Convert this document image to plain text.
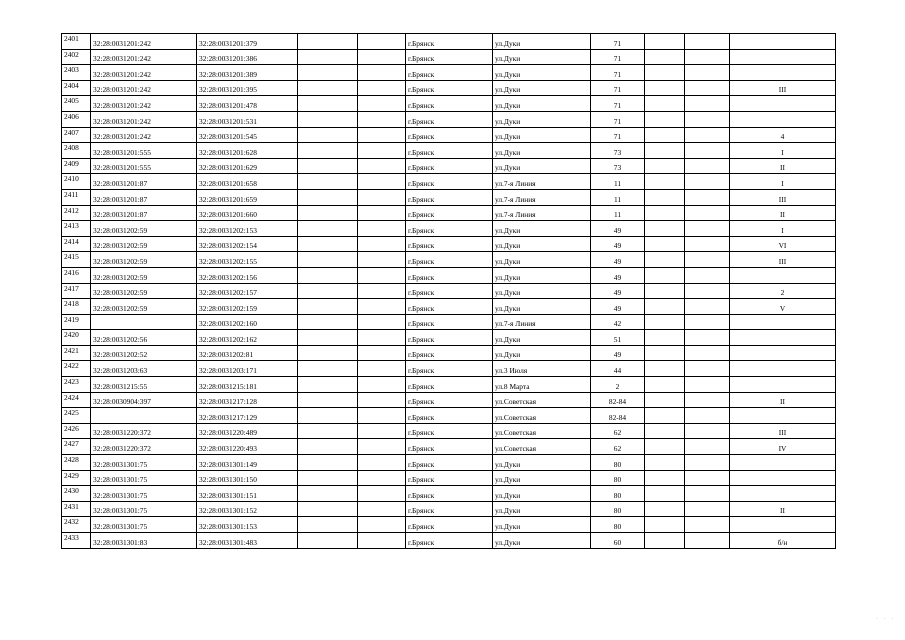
2401	32:28:0031201:242	32:28:0031201:379			г.Брянск	ул.Дуки	71			
2402	32:28:0031201:242	32:28:0031201:386			г.Брянск	ул.Дуки	71			
2403	32:28:0031201:242	32:28:0031201:389			г.Брянск	ул.Дуки	71			
2404	32:28:0031201:242	32:28:0031201:395			г.Брянск	ул.Дуки	71			III
2405	32:28:0031201:242	32:28:0031201:478			г.Брянск	ул.Дуки	71			
2406	32:28:0031201:242	32:28:0031201:531			г.Брянск	ул.Дуки	71			
2407	32:28:0031201:242	32:28:0031201:545			г.Брянск	ул.Дуки	71			4
2408	32:28:0031201:555	32:28:0031201:628			г.Брянск	ул.Дуки	73			I
2409	32:28:0031201:555	32:28:0031201:629			г.Брянск	ул.Дуки	73			II
2410	32:28:0031201:87	32:28:0031201:658			г.Брянск	ул.7-я Линия	11			I
2411	32:28:0031201:87	32:28:0031201:659			г.Брянск	ул.7-я Линия	11			III
2412	32:28:0031201:87	32:28:0031201:660			г.Брянск	ул.7-я Линия	11			II
2413	32:28:0031202:59	32:28:0031202:153			г.Брянск	ул.Дуки	49			I
2414	32:28:0031202:59	32:28:0031202:154			г.Брянск	ул.Дуки	49			VI
2415	32:28:0031202:59	32:28:0031202:155			г.Брянск	ул.Дуки	49			III
2416	32:28:0031202:59	32:28:0031202:156			г.Брянск	ул.Дуки	49			
2417	32:28:0031202:59	32:28:0031202:157			г.Брянск	ул.Дуки	49			2
2418	32:28:0031202:59	32:28:0031202:159			г.Брянск	ул.Дуки	49			V
2419		32:28:0031202:160			г.Брянск	ул.7-я Линия	42			
2420	32:28:0031202:56	32:28:0031202:162			г.Брянск	ул.Дуки	51			
2421	32:28:0031202:52	32:28:0031202:81			г.Брянск	ул.Дуки	49			
2422	32:28:0031203:63	32:28:0031203:171			г.Брянск	ул.3 Июля	44			
2423	32:28:0031215:55	32:28:0031215:181			г.Брянск	ул.8 Марта	2			
2424	32:28:0030904:397	32:28:0031217:128			г.Брянск	ул.Советская	82-84			II
2425		32:28:0031217:129			г.Брянск	ул.Советская	82-84			
2426	32:28:0031220:372	32:28:0031220:489			г.Брянск	ул.Советская	62			III
2427	32:28:0031220:372	32:28:0031220:493			г.Брянск	ул.Советская	62			IV
2428	32:28:0031301:75	32:28:0031301:149			г.Брянск	ул.Дуки	80			
2429	32:28:0031301:75	32:28:0031301:150			г.Брянск	ул.Дуки	80			
2430	32:28:0031301:75	32:28:0031301:151			г.Брянск	ул.Дуки	80			
2431	32:28:0031301:75	32:28:0031301:152			г.Брянск	ул.Дуки	80			II
2432	32:28:0031301:75	32:28:0031301:153			г.Брянск	ул.Дуки	80			
2433	32:28:0031301:83	32:28:0031301:483			г.Брянск	ул.Дуки	60			б/н
· · ·
